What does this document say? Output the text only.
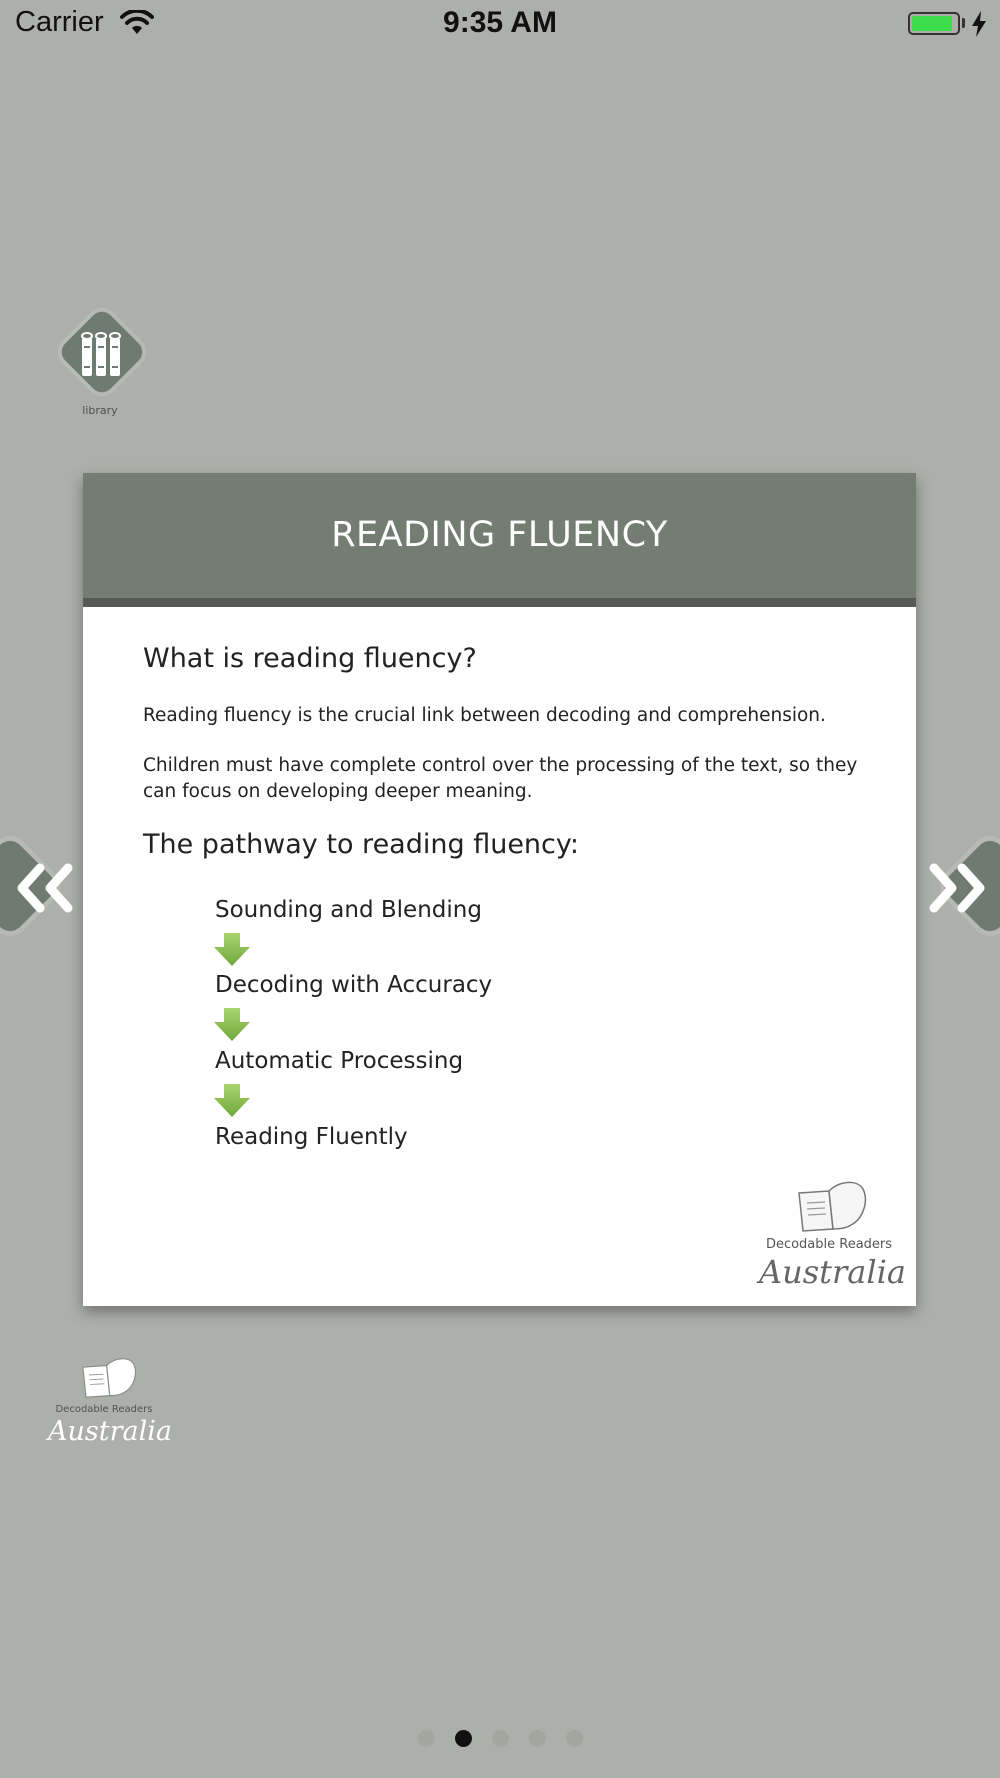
Carrier	9:35 AM
library
READING FLUENCY
What is reading fluency?
Reading fluency is the crucial link between decoding and comprehension.
Children must have complete control over the processing of the text, so they can focus on developing deeper meaning.
The pathway to reading fluency:
Sounding and Blending
Decoding with Accuracy
Automatic Processing
Reading Fluently
Decodable Readers
Australia
Decodable Readers
Australia
